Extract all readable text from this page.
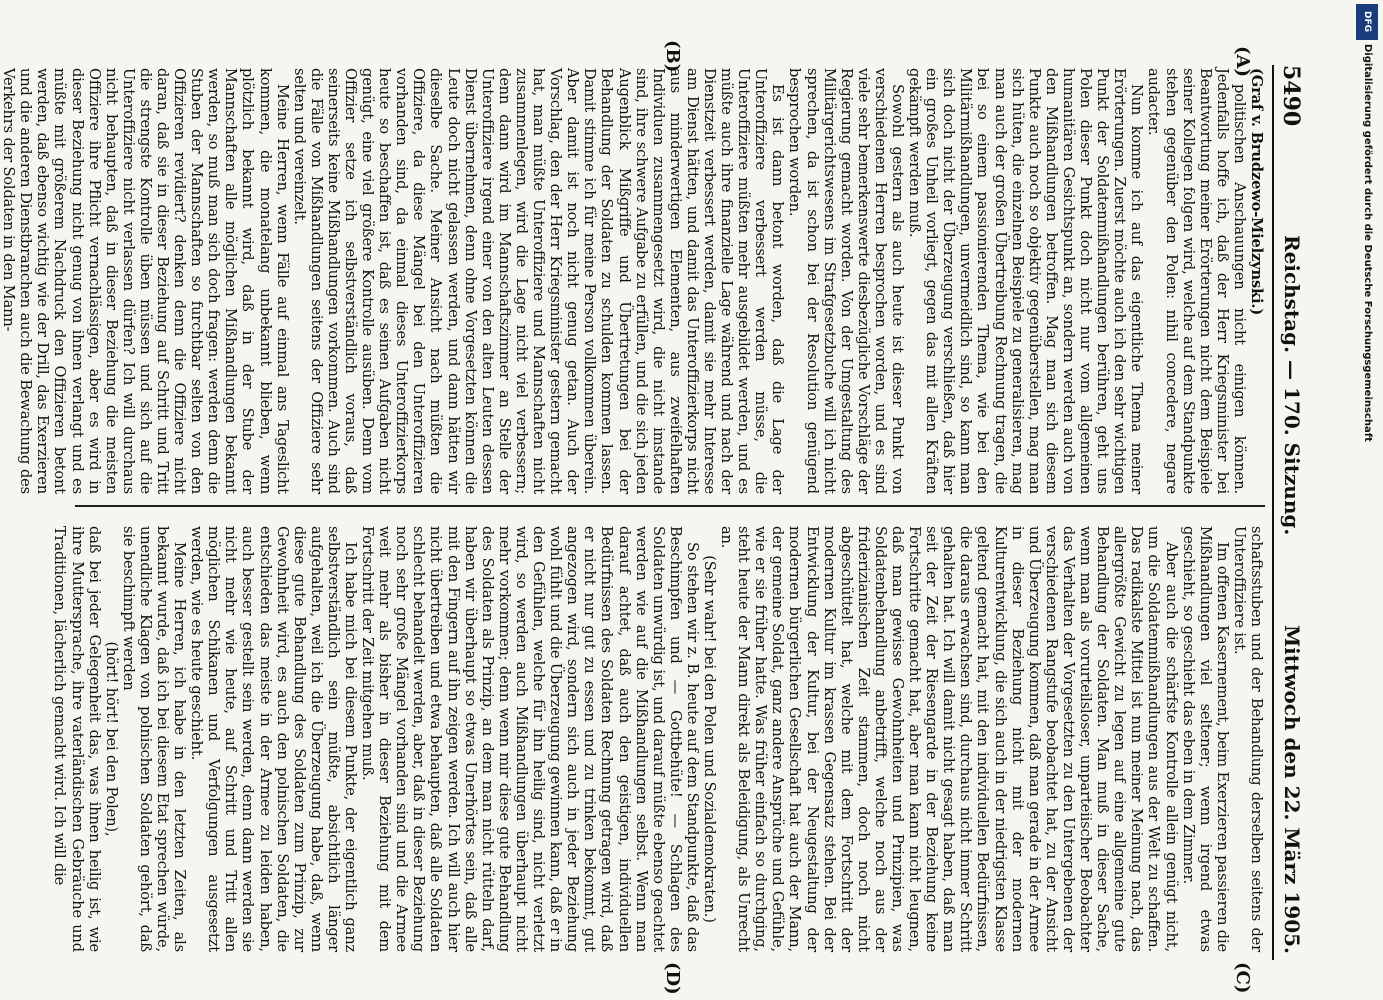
5490
Reichstag. — 170. Sitzung.
Mittwoch den 22. März 1905.
(A)
(B)
(C)
(D)

(Graf v. Brudzewo-Mielzynski.)

politischen Anschauungen nicht einigen können. Jedenfalls hoffe ich, daß der Herr Kriegsminister bei Beantwortung meiner Erörterungen nicht dem Beispiele seiner Kollegen folgen wird, welche auf dem Standpunkte stehen gegenüber den Polen: nihil concedere, negare audacter.

Nun komme ich auf das eigentliche Thema meiner Erörterungen. Zuerst möchte auch ich den sehr wichtigen Punkt der Soldatenmißhandlungen berühren, geht uns Polen dieser Punkt doch nicht nur vom allgemeinen humanitären Gesichtspunkt an, sondern werden auch von den Mißhandlungen betroffen. Mag man sich diesem Punkte auch noch so objektiv gegenüberstellen, mag man sich hüten, die einzelnen Beispiele zu generalisieren, mag man auch der großen Übertreibung Rechnung tragen, die bei so einem passionierenden Thema, wie bei den Militärmißhandlungen, unvermeidlich sind, so kann man sich doch nicht der Überzeugung verschließen, daß hier ein großes Unheil vorliegt, gegen das mit allen Kräften gekämpft werden muß.

Sowohl gestern als auch heute ist dieser Punkt von verschiedenen Herren besprochen worden, und es sind viele sehr bemerkenswerte diesbezügliche Vorschläge der Regierung gemacht worden. Von der Umgestaltung des Militärgerichtswesens im Strafgesetzbuche will ich nicht sprechen, da ist schon bei der Resolution genügend besprochen worden.

Es ist dann betont worden, daß die Lage der Unteroffiziere verbessert werden müsse, die Unteroffiziere müßten mehr ausgebildet werden, und es müßte auch ihre finanzielle Lage während und nach der Dienstzeit verbessert werden, damit sie mehr Interesse am Dienst hätten, und damit das Unteroffizierkorps nicht aus minderwertigen Elementen, aus zweifelhaften Individuen zusammengesetzt wird, die nicht imstande sind, ihre schwere Aufgabe zu erfüllen, und die sich jeden Augenblick Mißgriffe und Übertretungen bei der Behandlung der Soldaten zu schulden kommen lassen. Damit stimme ich für meine Person vollkommen überein. Aber damit ist noch nicht genug getan. Auch der Vorschlag, den der Herr Kriegsminister gestern gemacht hat, man müßte Unteroffiziere und Mannschaften nicht zusammenlegen, wird die Lage nicht viel verbessern; denn dann wird im Mannschaftszimmer an Stelle der Unteroffiziere irgend einer von den alten Leuten dessen Dienst übernehmen, denn ohne Vorgesetzten können die Leute doch nicht gelassen werden, und dann hätten wir dieselbe Sache. Meiner Ansicht nach müßten die Offiziere, da diese Mängel bei den Unteroffizieren vorhanden sind, da einmal dieses Unteroffizierkorps heute so beschaffen ist, daß es seinen Aufgaben nicht genügt, eine viel größere Kontrolle ausüben. Denn vom Offizier setze ich selbstverständlich voraus, daß seinerseits keine Mißhandlungen vorkommen. Auch sind die Fälle von Mißhandlungen seitens der Offiziere sehr selten und vereinzelt.

Meine Herren, wenn Fälle auf einmal ans Tageslicht kommen, die monatelang unbekannt blieben, wenn plötzlich bekannt wird, daß in der Stube der Mannschaften alle möglichen Mißhandlungen bekannt werden, so muß man sich doch fragen: werden denn die Stuben der Mannschaften so furchtbar selten von den Offizieren revidiert? denken denn die Offiziere nicht daran, daß sie in dieser Beziehung auf Schritt und Tritt die strengste Kontrolle üben müssen und sich auf die Unteroffiziere nicht verlassen dürfen? Ich will durchaus nicht behaupten, daß in dieser Beziehung die meisten Offiziere ihre Pflicht vernachlässigen, aber es wird in dieser Beziehung nicht genug von ihnen verlangt und es müßte mit größerem Nachdruck den Offizieren betont werden, daß ebenso wichtig wie der Drill, das Exerzieren und die anderen Dienstbranchen auch die Bewachung des Verkehrs der Soldaten in den Mann-

schaftsstuben und der Behandlung derselben seitens der Unteroffiziere ist.

Im offenen Kasernement, beim Exerzieren passieren die Mißhandlungen viel seltener; wenn irgend etwas geschieht, so geschieht das eben in dem Zimmer.

Aber auch die schärfste Kontrolle allein genügt nicht, um die Soldatenmißhandlungen aus der Welt zu schaffen. Das radikalste Mittel ist nun meiner Meinung nach, das allergrößte Gewicht zu legen auf eine allgemeine gute Behandlung der Soldaten. Man muß in dieser Sache, wenn man als vorurteilsloser, unparteiischer Beobachter das Verhalten der Vorgesetzten zu den Untergebenen der verschiedenen Rangstufe beobachtet hat, zu der Ansicht und Überzeugung kommen, daß man gerade in der Armee in dieser Beziehung nicht mit der modernen Kulturentwicklung, die sich auch in der niedrigsten Klasse geltend gemacht hat, mit den individuellen Bedürfnissen, die daraus erwachsen sind, durchaus nicht immer Schritt gehalten hat. Ich will damit nicht gesagt haben, daß man seit der Zeit der Riesengarde in der Beziehung keine Fortschritte gemacht hat, aber man kann nicht leugnen, daß man gewisse Gewohnheiten und Prinzipien, was Soldatenbehandlung anbetrifft, welche noch aus der friderizianischen Zeit stammen, doch noch nicht abgeschüttelt hat, welche mit dem Fortschritt der modernen Kultur im krassen Gegensatz stehen. Bei der Entwicklung der Kultur, bei der Neugestaltung der modernen bürgerlichen Gesellschaft hat auch der Mann, der gemeine Soldat, ganz andere Ansprüche und Gefühle, wie er sie früher hatte. Was früher einfach so durchging, steht heute der Mann direkt als Beleidigung, als Unrecht an.

(Sehr wahr! bei den Polen und Sozialdemokraten.)

So stehen wir z. B. heute auf dem Standpunkte, daß das Beschimpfen und — Gottbehüte! — Schlagen des Soldaten unwürdig ist, und darauf müßte ebenso geachtet werden wie auf die Mißhandlungen selbst. Wenn man darauf achtet, daß auch den geistigen, individuellen Bedürfnissen des Soldaten Rechnung getragen wird, daß er nicht nur gut zu essen und zu trinken bekommt, gut angezogen wird, sondern sich auch in jeder Beziehung wohl fühlt und die Überzeugung gewinnen kann, daß er in den Gefühlen, welche für ihn heilig sind, nicht verletzt wird, so werden auch Mißhandlungen überhaupt nicht mehr vorkommen; denn wenn mir diese gute Behandlung des Soldaten als Prinzip, an dem man nicht rütteln darf, haben wir überhaupt so etwas Unerhörtes sein, daß alle mit den Fingern auf ihn zeigen werden. Ich will auch hier nicht übertreiben und etwa behaupten, daß alle Soldaten schlecht behandelt werden, aber, daß in dieser Beziehung noch sehr große Mängel vorhanden sind und die Armee weit mehr als bisher in dieser Beziehung mit dem Fortschritt der Zeit mitgehen muß.

Ich habe mich bei diesem Punkte, der eigentlich ganz selbstverständlich sein müßte, absichtlich länger aufgehalten, weil ich die Überzeugung habe, daß, wenn diese gute Behandlung des Soldaten zum Prinzip, zur Gewohnheit wird, es auch den polnischen Soldaten, die entschieden das meiste in der Armee zu leiden haben, auch besser gestellt sein werden, denn dann werden sie nicht mehr wie heute, auf Schritt und Tritt allen möglichen Schikanen und Verfolgungen ausgesetzt werden, wie es heute geschieht.

Meine Herren, ich habe in den letzten Zeiten, als bekannt wurde, daß ich bei diesem Etat sprechen würde, unendliche Klagen von polnischen Soldaten gehört, daß sie beschimpft werden

(hört! hört! bei den Polen),

daß bei jeder Gelegenheit das, was ihnen heilig ist, wie ihre Muttersprache, ihre vaterländischen Gebräuche und Traditionen, lächerlich gemacht wird. Ich will die

DFG
Digitalisierung gefördert durch die Deutsche Forschungsgemeinschaft
